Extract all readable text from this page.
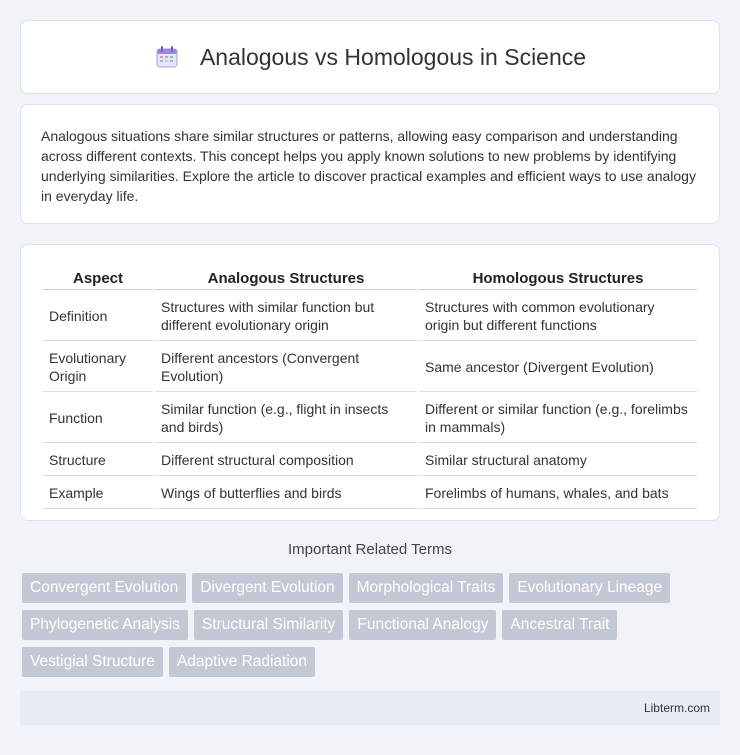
Analogous vs Homologous in Science

Analogous situations share similar structures or patterns, allowing easy comparison and understanding across different contexts. This concept helps you apply known solutions to new problems by identifying underlying similarities. Explore the article to discover practical examples and efficient ways to use analogy in everyday life.

Aspect	Analogous Structures	Homologous Structures
Definition	Structures with similar function but different evolutionary origin	Structures with common evolutionary origin but different functions
Evolutionary Origin	Different ancestors (Convergent Evolution)	Same ancestor (Divergent Evolution)
Function	Similar function (e.g., flight in insects and birds)	Different or similar function (e.g., forelimbs in mammals)
Structure	Different structural composition	Similar structural anatomy
Example	Wings of butterflies and birds	Forelimbs of humans, whales, and bats
Important Related Terms
Convergent Evolution	Divergent Evolution	Morphological Traits	Evolutionary Lineage
Phylogenetic Analysis	Structural Similarity	Functional Analogy	Ancestral Trait
Vestigial Structure	Adaptive Radiation
Libterm.com
